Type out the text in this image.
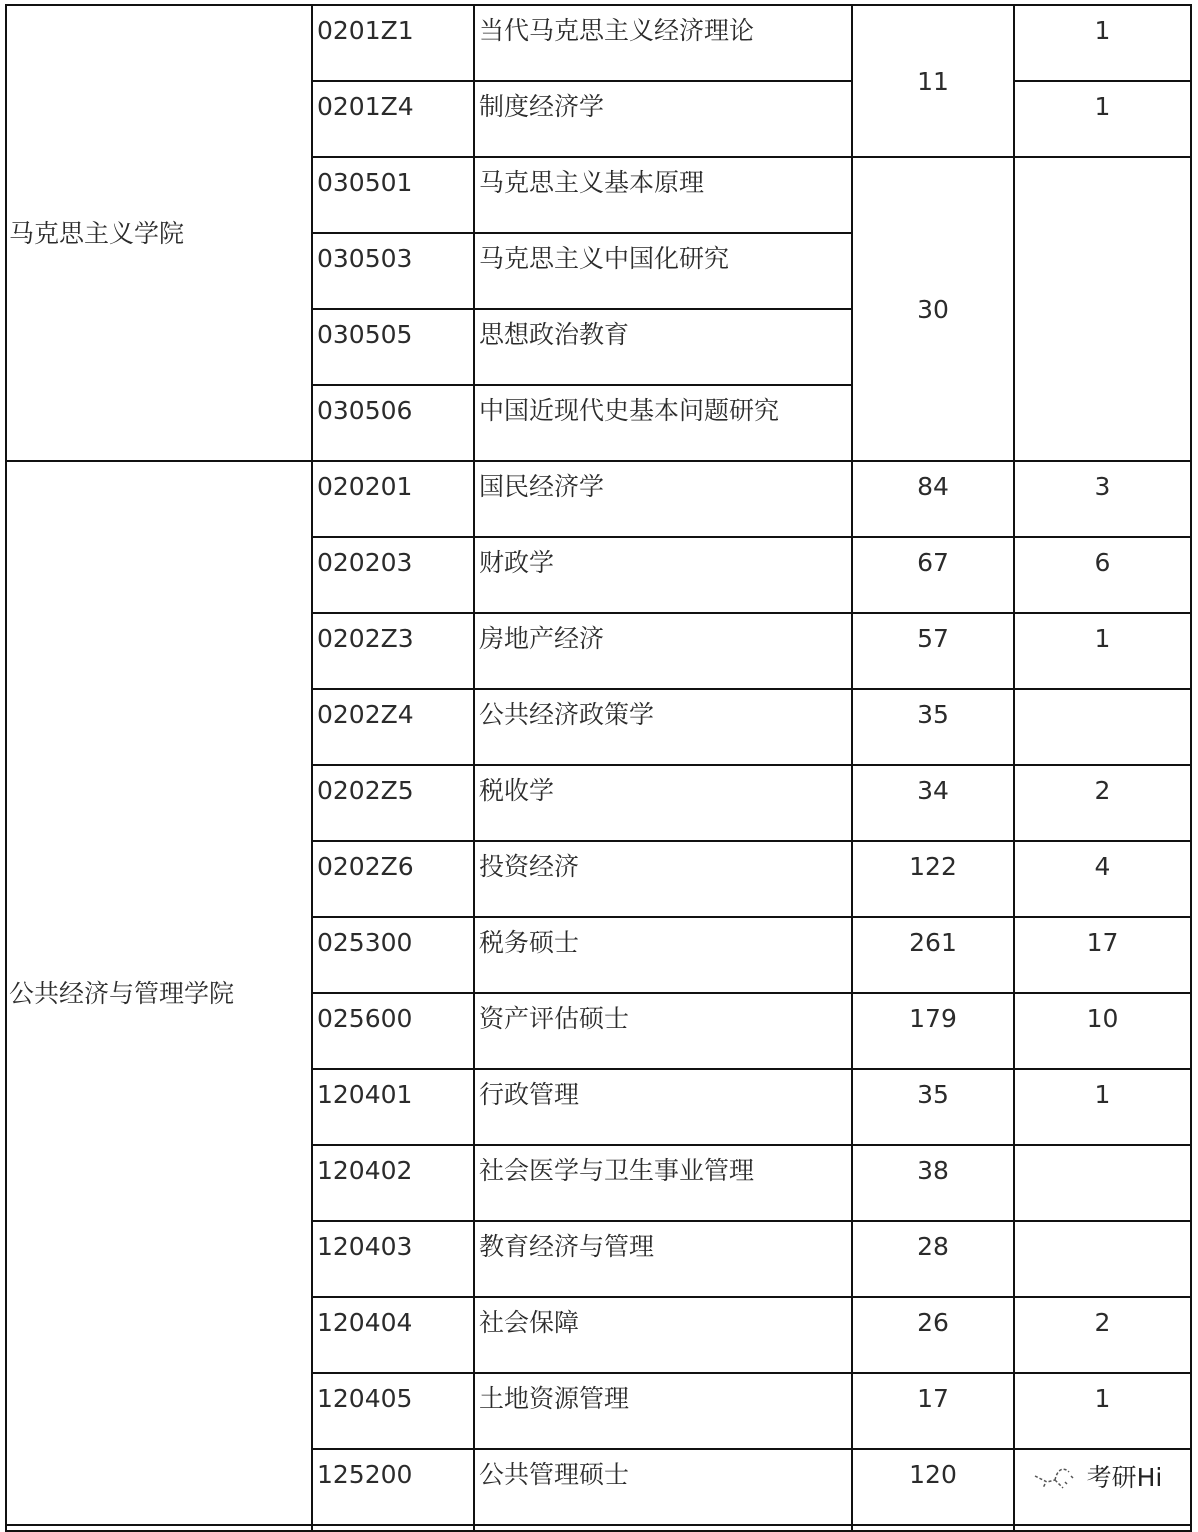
马克思主义学院	0201Z1	当代马克思主义经济理论	11	1
	0201Z4	制度经济学		1
	030501	马克思主义基本原理	30	
	030503	马克思主义中国化研究		
	030505	思想政治教育		
	030506	中国近现代史基本问题研究		
公共经济与管理学院	020201	国民经济学	84	3
	020203	财政学	67	6
	0202Z3	房地产经济	57	1
	0202Z4	公共经济政策学	35	
	0202Z5	税收学	34	2
	0202Z6	投资经济	122	4
	025300	税务硕士	261	17
	025600	资产评估硕士	179	10
	120401	行政管理	35	1
	120402	社会医学与卫生事业管理	38	
	120403	教育经济与管理	28	
	120404	社会保障	26	2
	120405	土地资源管理	17	1
	125200	公共管理硕士	120	考研Hi
